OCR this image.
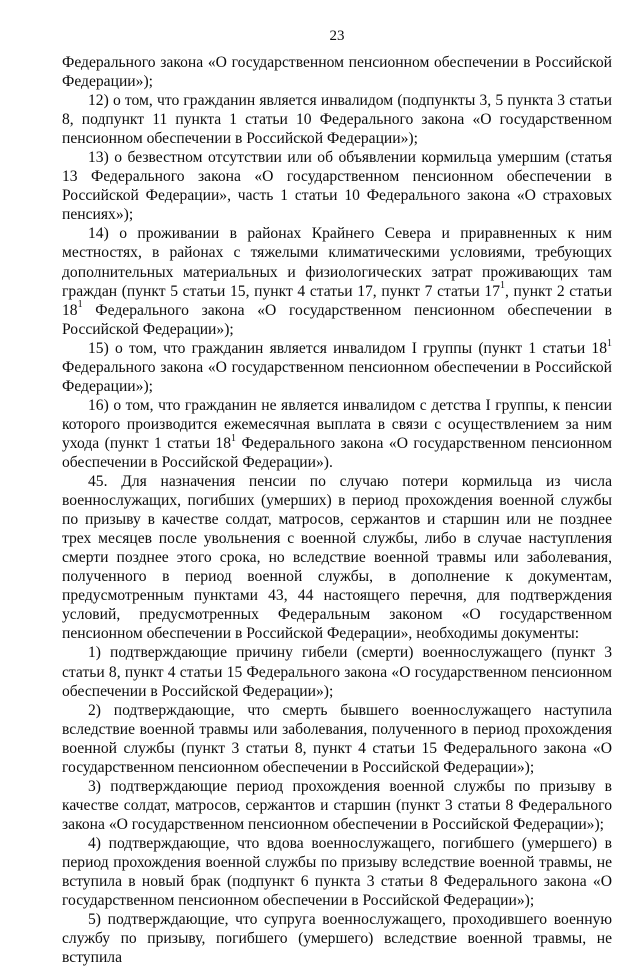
23

Федерального закона «О государственном пенсионном обеспечении в Российской Федерации»);

12) о том, что гражданин является инвалидом (подпункты 3, 5 пункта 3 статьи 8, подпункт 11 пункта 1 статьи 10 Федерального закона «О государственном пенсионном обеспечении в Российской Федерации»);

13) о безвестном отсутствии или об объявлении кормильца умершим (статья 13 Федерального закона «О государственном пенсионном обеспечении в Российской Федерации», часть 1 статьи 10 Федерального закона «О страховых пенсиях»);

14) о проживании в районах Крайнего Севера и приравненных к ним местностях, в районах с тяжелыми климатическими условиями, требующих дополнительных материальных и физиологических затрат проживающих там граждан (пункт 5 статьи 15, пункт 4 статьи 17, пункт 7 статьи $17^1$, пункт 2 статьи $18^1$ Федерального закона «О государственном пенсионном обеспечении в Российской Федерации»);

15) о том, что гражданин является инвалидом I группы (пункт 1 статьи $18^1$ Федерального закона «О государственном пенсионном обеспечении в Российской Федерации»);

16) о том, что гражданин не является инвалидом с детства I группы, к пенсии которого производится ежемесячная выплата в связи с осуществлением за ним ухода (пункт 1 статьи $18^1$ Федерального закона «О государственном пенсионном обеспечении в Российской Федерации»).

45. Для назначения пенсии по случаю потери кормильца из числа военнослужащих, погибших (умерших) в период прохождения военной службы по призыву в качестве солдат, матросов, сержантов и старшин или не позднее трех месяцев после увольнения с военной службы, либо в случае наступления смерти позднее этого срока, но вследствие военной травмы или заболевания, полученного в период военной службы, в дополнение к документам, предусмотренным пунктами 43, 44 настоящего перечня, для подтверждения условий, предусмотренных Федеральным законом «О государственном пенсионном обеспечении в Российской Федерации», необходимы документы:

1) подтверждающие причину гибели (смерти) военнослужащего (пункт 3 статьи 8, пункт 4 статьи 15 Федерального закона «О государственном пенсионном обеспечении в Российской Федерации»);

2) подтверждающие, что смерть бывшего военнослужащего наступила вследствие военной травмы или заболевания, полученного в период прохождения военной службы (пункт 3 статьи 8, пункт 4 статьи 15 Федерального закона «О государственном пенсионном обеспечении в Российской Федерации»);

3) подтверждающие период прохождения военной службы по призыву в качестве солдат, матросов, сержантов и старшин (пункт 3 статьи 8 Федерального закона «О государственном пенсионном обеспечении в Российской Федерации»);

4) подтверждающие, что вдова военнослужащего, погибшего (умершего) в период прохождения военной службы по призыву вследствие военной травмы, не вступила в новый брак (подпункт 6 пункта 3 статьи 8 Федерального закона «О государственном пенсионном обеспечении в Российской Федерации»);

5) подтверждающие, что супруга военнослужащего, проходившего военную службу по призыву, погибшего (умершего) вследствие военной травмы, не вступила
